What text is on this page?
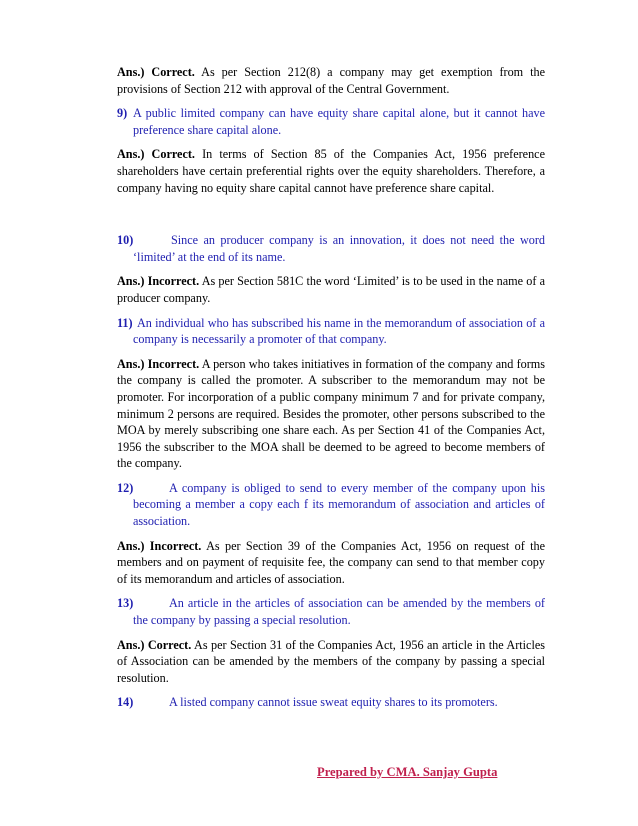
Ans.) Correct. As per Section 212(8) a company may get exemption from the provisions of Section 212 with approval of the Central Government.

9) A public limited company can have equity share capital alone, but it cannot have preference share capital alone.

Ans.) Correct. In terms of Section 85 of the Companies Act, 1956 preference shareholders have certain preferential rights over the equity shareholders. Therefore, a company having no equity share capital cannot have preference share capital.

10)	Since an producer company is an innovation, it does not need the word ‘limited’ at the end of its name.

Ans.) Incorrect. As per Section 581C the word ‘Limited’ is to be used in the name of a producer company.

11) An individual who has subscribed his name in the memorandum of association of a company is necessarily a promoter of that company.

Ans.) Incorrect. A person who takes initiatives in formation of the company and forms the company is called the promoter. A subscriber to the memorandum may not be promoter. For incorporation of a public company minimum 7 and for private company, minimum 2 persons are required. Besides the promoter, other persons subscribed to the MOA by merely subscribing one share each. As per Section 41 of the Companies Act, 1956 the subscriber to the MOA shall be deemed to be agreed to become members of the company.

12)	A company is obliged to send to every member of the company upon his becoming a member a copy each f its memorandum of association and articles of association.

Ans.) Incorrect. As per Section 39 of the Companies Act, 1956 on request of the members and on payment of requisite fee, the company can send to that member copy of its memorandum and articles of association.

13)	An article in the articles of association can be amended by the members of the company by passing a special resolution.

Ans.) Correct. As per Section 31 of the Companies Act, 1956 an article in the Articles of Association can be amended by the members of the company by passing a special resolution.

14)	A listed company cannot issue sweat equity shares to its promoters.

Prepared by CMA. Sanjay Gupta
